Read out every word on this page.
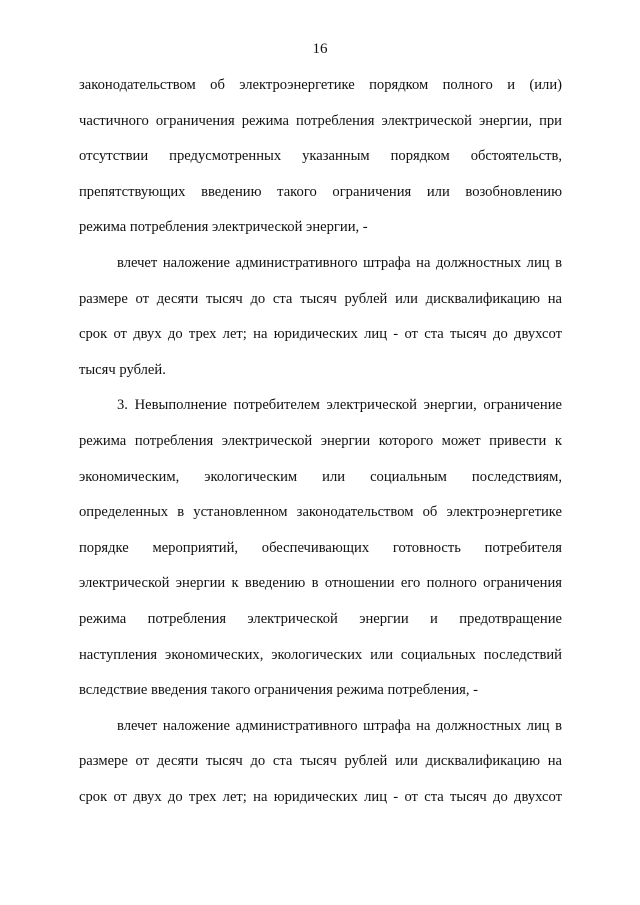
16
законодательством об электроэнергетике порядком полного и (или)
частичного ограничения режима потребления электрической энергии, при
отсутствии предусмотренных указанным порядком обстоятельств,
препятствующих введению такого ограничения или возобновлению
режима потребления электрической энергии, -
влечет наложение административного штрафа на должностных лиц в
размере от десяти тысяч до ста тысяч рублей или дисквалификацию на
срок от двух до трех лет; на юридических лиц - от ста тысяч до двухсот
тысяч рублей.
3. Невыполнение потребителем электрической энергии, ограничение
режима потребления электрической энергии которого может привести к
экономическим, экологическим или социальным последствиям,
определенных в установленном законодательством об электроэнергетике
порядке мероприятий, обеспечивающих готовность потребителя
электрической энергии к введению в отношении его полного ограничения
режима потребления электрической энергии и предотвращение
наступления экономических, экологических или социальных последствий
вследствие введения такого ограничения режима потребления, -
влечет наложение административного штрафа на должностных лиц в
размере от десяти тысяч до ста тысяч рублей или дисквалификацию на
срок от двух до трех лет; на юридических лиц - от ста тысяч до двухсот
